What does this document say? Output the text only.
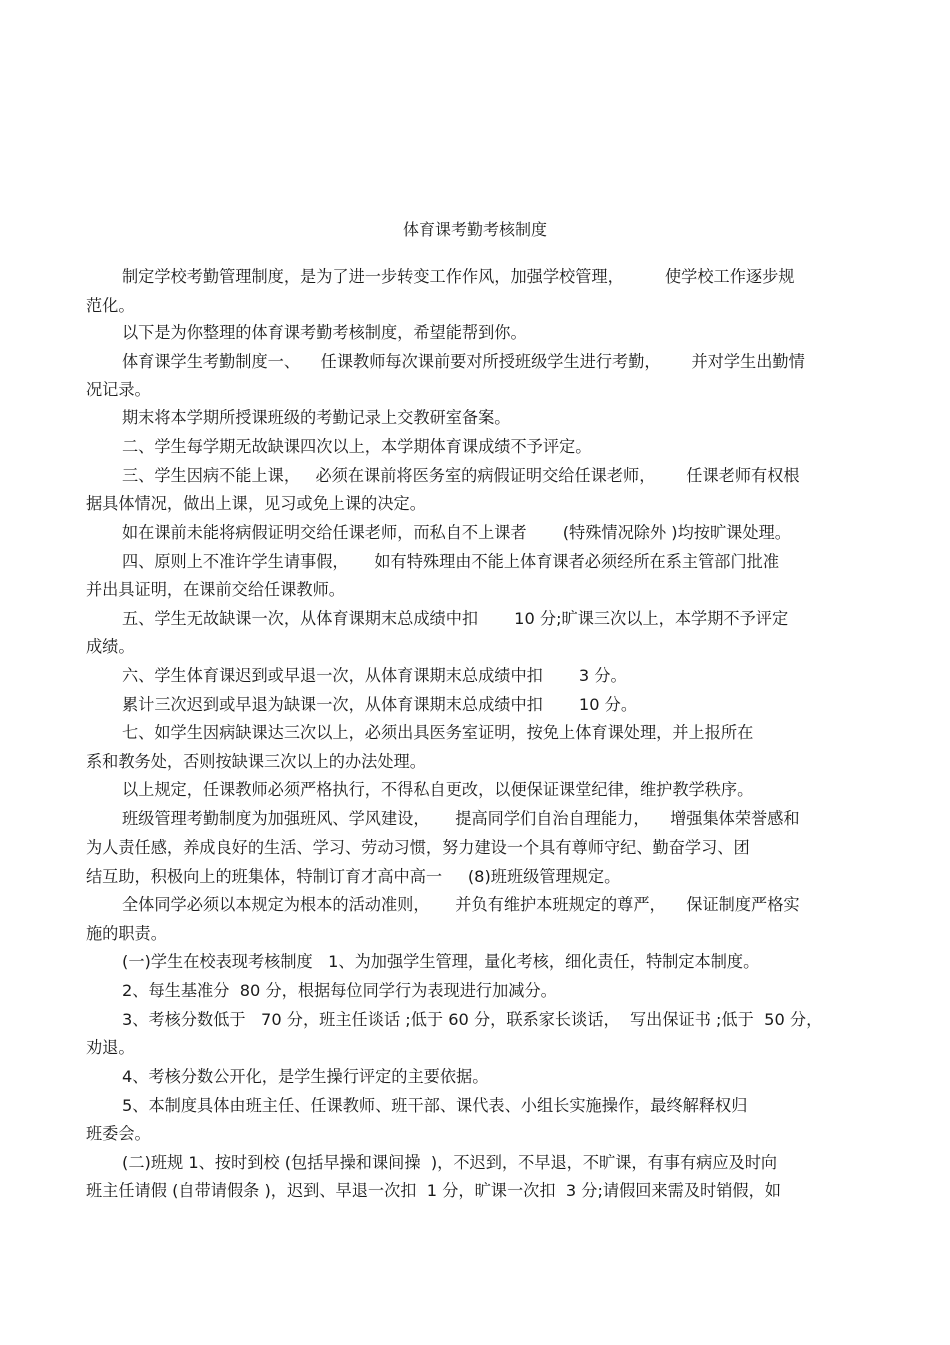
体育课考勤考核制度
制定学校考勤管理制度，是为了进一步转变工作作风，加强学校管理，        使学校工作逐步规
范化。
以下是为你整理的体育课考勤考核制度，希望能帮到你。
体育课学生考勤制度一、    任课教师每次课前要对所授班级学生进行考勤，      并对学生出勤情
况记录。
期末将本学期所授课班级的考勤记录上交教研室备案。
二、学生每学期无故缺课四次以上，本学期体育课成绩不予评定。
三、学生因病不能上课，   必须在课前将医务室的病假证明交给任课老师，      任课老师有权根
据具体情况，做出上课，见习或免上课的决定。
如在课前未能将病假证明交给任课老师，而私自不上课者       (特殊情况除外 )均按旷课处理。
四、原则上不准许学生请事假，     如有特殊理由不能上体育课者必须经所在系主管部门批准
并出具证明，在课前交给任课教师。
五、学生无故缺课一次，从体育课期末总成绩中扣       10 分;旷课三次以上，本学期不予评定
成绩。
六、学生体育课迟到或早退一次，从体育课期末总成绩中扣       3 分。
累计三次迟到或早退为缺课一次，从体育课期末总成绩中扣       10 分。
七、如学生因病缺课达三次以上，必须出具医务室证明，按免上体育课处理，并上报所在
系和教务处，否则按缺课三次以上的办法处理。
以上规定，任课教师必须严格执行，不得私自更改，以便保证课堂纪律，维护教学秩序。
班级管理考勤制度为加强班风、学风建设，     提高同学们自治自理能力，    增强集体荣誉感和
为人责任感，养成良好的生活、学习、劳动习惯，努力建设一个具有尊师守纪、勤奋学习、团
结互助，积极向上的班集体，特制订育才高中高一     (8)班班级管理规定。
全体同学必须以本规定为根本的活动准则，     并负有维护本班规定的尊严，    保证制度严格实
施的职责。
(一)学生在校表现考核制度   1、为加强学生管理，量化考核，细化责任，特制定本制度。
2、每生基准分  80 分，根据每位同学行为表现进行加减分。
3、考核分数低于   70 分，班主任谈话 ;低于 60 分，联系家长谈话，  写出保证书 ;低于  50 分，
劝退。
4、考核分数公开化，是学生操行评定的主要依据。
5、本制度具体由班主任、任课教师、班干部、课代表、小组长实施操作，最终解释权归
班委会。
(二)班规 1、按时到校 (包括早操和课间操  )，不迟到，不早退，不旷课，有事有病应及时向
班主任请假 (自带请假条 )，迟到、早退一次扣  1 分，旷课一次扣  3 分;请假回来需及时销假，如
